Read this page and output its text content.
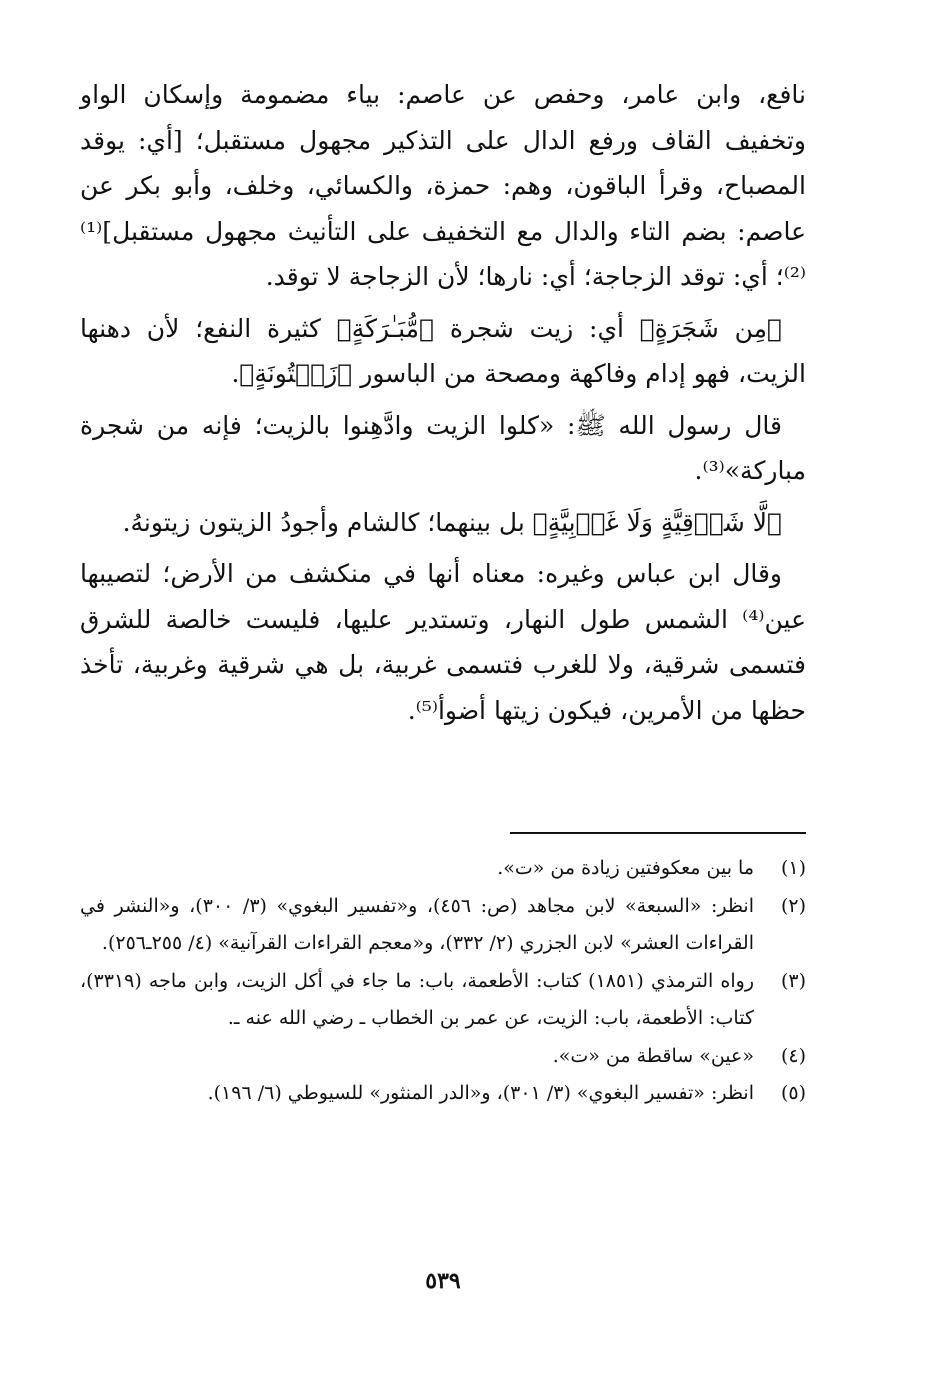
نافع، وابن عامر، وحفص عن عاصم: بياء مضمومة وإسكان الواو وتخفيف القاف ورفع الدال على التذكير مجهول مستقبل؛ [أي: يوقد المصباح، وقرأ الباقون، وهم: حمزة، والكسائي، وخلف، وأبو بكر عن عاصم: بضم التاء والدال مع التخفيف على التأنيث مجهول مستقبل]⁽¹⁾⁽²⁾؛ أي: توقد الزجاجة؛ أي: نارها؛ لأن الزجاجة لا توقد.

﴿مِن شَجَرَةٍ﴾ أي: زيت شجرة ﴿مُّبَـٰرَكَةٍ﴾ كثيرة النفع؛ لأن دهنها الزيت، فهو إدام وفاكهة ومصحة من الباسور ﴿زَيۡتُونَةٍ﴾.

قال رسول الله ﷺ: «كلوا الزيت وادَّهِنوا بالزيت؛ فإنه من شجرة مباركة»⁽³⁾.

﴿لَّا شَرۡقِيَّةٍ وَلَا غَرۡبِيَّةٍ﴾ بل بينهما؛ كالشام وأجودُ الزيتون زيتونهُ.

وقال ابن عباس وغيره: معناه أنها في منكشف من الأرض؛ لتصيبها عين⁽⁴⁾ الشمس طول النهار، وتستدير عليها، فليست خالصة للشرق فتسمى شرقية، ولا للغرب فتسمى غربية، بل هي شرقية وغربية، تأخذ حظها من الأمرين، فيكون زيتها أضوأ⁽⁵⁾.

(١)
ما بين معكوفتين زيادة من «ت».
(٢)
انظر: «السبعة» لابن مجاهد (ص: ٤٥٦)، و«تفسير البغوي» (٣/ ٣٠٠)، و«النشر في القراءات العشر» لابن الجزري (٢/ ٣٣٢)، و«معجم القراءات القرآنية» (٤/ ٢٥٥ـ٢٥٦).
(٣)
رواه الترمذي (١٨٥١) كتاب: الأطعمة، باب: ما جاء في أكل الزيت، وابن ماجه (٣٣١٩)، كتاب: الأطعمة، باب: الزيت، عن عمر بن الخطاب ـ رضي الله عنه ـ.
(٤)
«عين» ساقطة من «ت».
(٥)
انظر: «تفسير البغوي» (٣/ ٣٠١)، و«الدر المنثور» للسيوطي (٦/ ١٩٦).
٥٣٩
